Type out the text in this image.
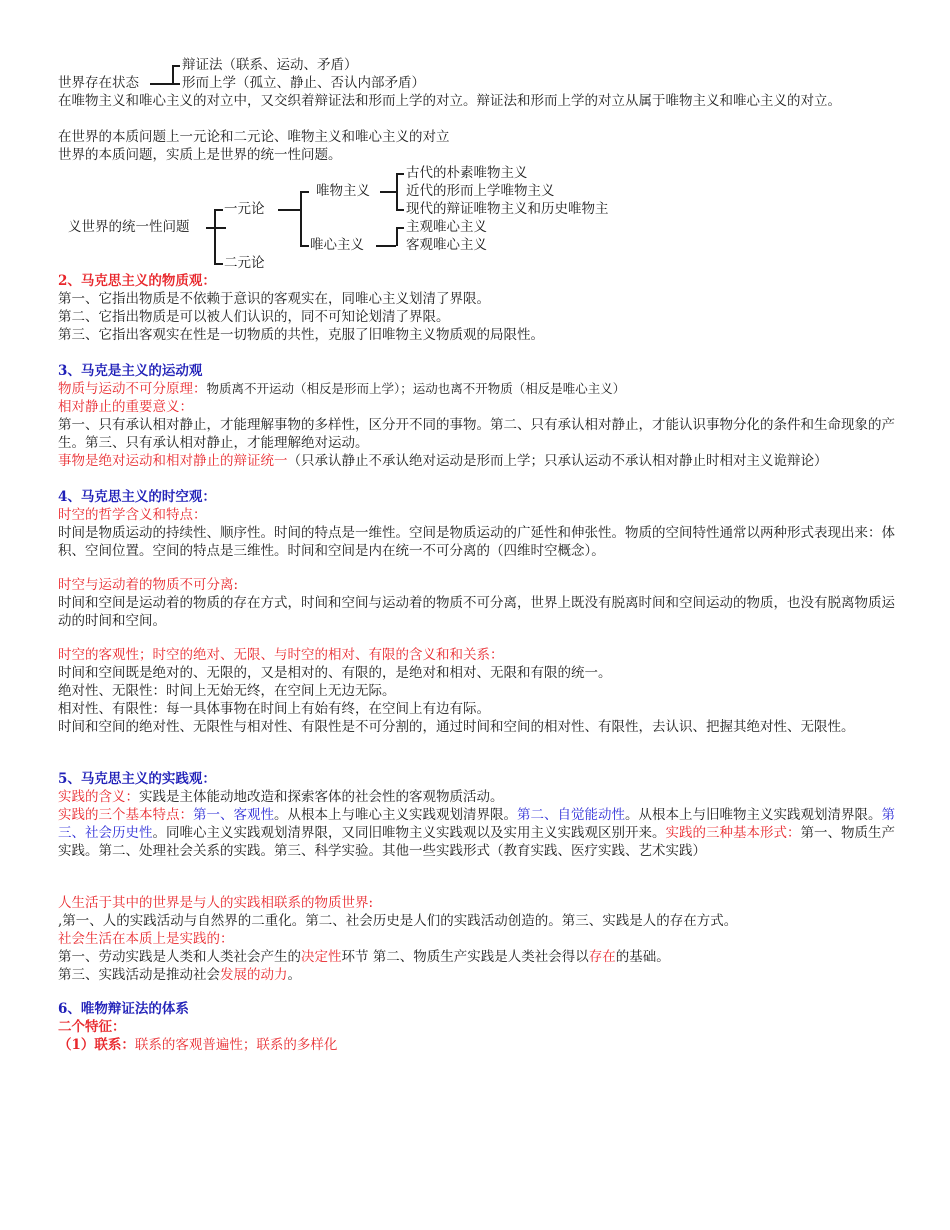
辩证法（联系、运动、矛盾）
世界存在状态	形而上学（孤立、静止、否认内部矛盾）
在唯物主义和唯心主义的对立中，又交织着辩证法和形而上学的对立。辩证法和形而上学的对立从属于唯物主义和唯心主义的对立。
在世界的本质问题上一元论和二元论、唯物主义和唯心主义的对立
世界的本质问题，实质上是世界的统一性问题。
古代的朴素唯物主义
唯物主义	近代的形而上学唯物主义
一元论	现代的辩证唯物主义和历史唯物主
义世界的统一性问题	主观唯心主义
唯心主义	客观唯心主义
二元论
2、马克思主义的物质观：
第一、它指出物质是不依赖于意识的客观实在，同唯心主义划清了界限。
第二、它指出物质是可以被人们认识的，同不可知论划清了界限。
第三、它指出客观实在性是一切物质的共性，克服了旧唯物主义物质观的局限性。
3、马克是主义的运动观
物质与运动不可分原理：物质离不开运动（相反是形而上学）；运动也离不开物质（相反是唯心主义）
相对静止的重要意义：
第一、只有承认相对静止，才能理解事物的多样性，区分开不同的事物。第二、只有承认相对静止，才能认识事物分化的条件和生命现象的产生。第三、只有承认相对静止，才能理解绝对运动。
事物是绝对运动和相对静止的辩证统一（只承认静止不承认绝对运动是形而上学；只承认运动不承认相对静止时相对主义诡辩论）
4、马克思主义的时空观：
时空的哲学含义和特点：
时间是物质运动的持续性、顺序性。时间的特点是一维性。空间是物质运动的广延性和伸张性。物质的空间特性通常以两种形式表现出来：体积、空间位置。空间的特点是三维性。时间和空间是内在统一不可分离的（四维时空概念）。
时空与运动着的物质不可分离:
时间和空间是运动着的物质的存在方式，时间和空间与运动着的物质不可分离，世界上既没有脱离时间和空间运动的物质，也没有脱离物质运动的时间和空间。
时空的客观性；时空的绝对、无限、与时空的相对、有限的含义和和关系：
时间和空间既是绝对的、无限的，又是相对的、有限的，是绝对和相对、无限和有限的统一。
绝对性、无限性：时间上无始无终，在空间上无边无际。
相对性、有限性：每一具体事物在时间上有始有终，在空间上有边有际。
时间和空间的绝对性、无限性与相对性、有限性是不可分割的，通过时间和空间的相对性、有限性，去认识、把握其绝对性、无限性。
5、马克思主义的实践观：
实践的含义：实践是主体能动地改造和探索客体的社会性的客观物质活动。
实践的三个基本特点：第一、客观性。从根本上与唯心主义实践观划清界限。第二、自觉能动性。从根本上与旧唯物主义实践观划清界限。第三、社会历史性。同唯心主义实践观划清界限，又同旧唯物主义实践观以及实用主义实践观区别开来。实践的三种基本形式：第一、物质生产实践。第二、处理社会关系的实践。第三、科学实验。其他一些实践形式（教育实践、医疗实践、艺术实践）
人生活于其中的世界是与人的实践相联系的物质世界:
,第一、人的实践活动与自然界的二重化。第二、社会历史是人们的实践活动创造的。第三、实践是人的存在方式。
社会生活在本质上是实践的：
第一、劳动实践是人类和人类社会产生的决定性环节 第二、物质生产实践是人类社会得以存在的基础。
第三、实践活动是推动社会发展的动力。
6、唯物辩证法的体系
二个特征：
（1）联系：联系的客观普遍性；联系的多样化
